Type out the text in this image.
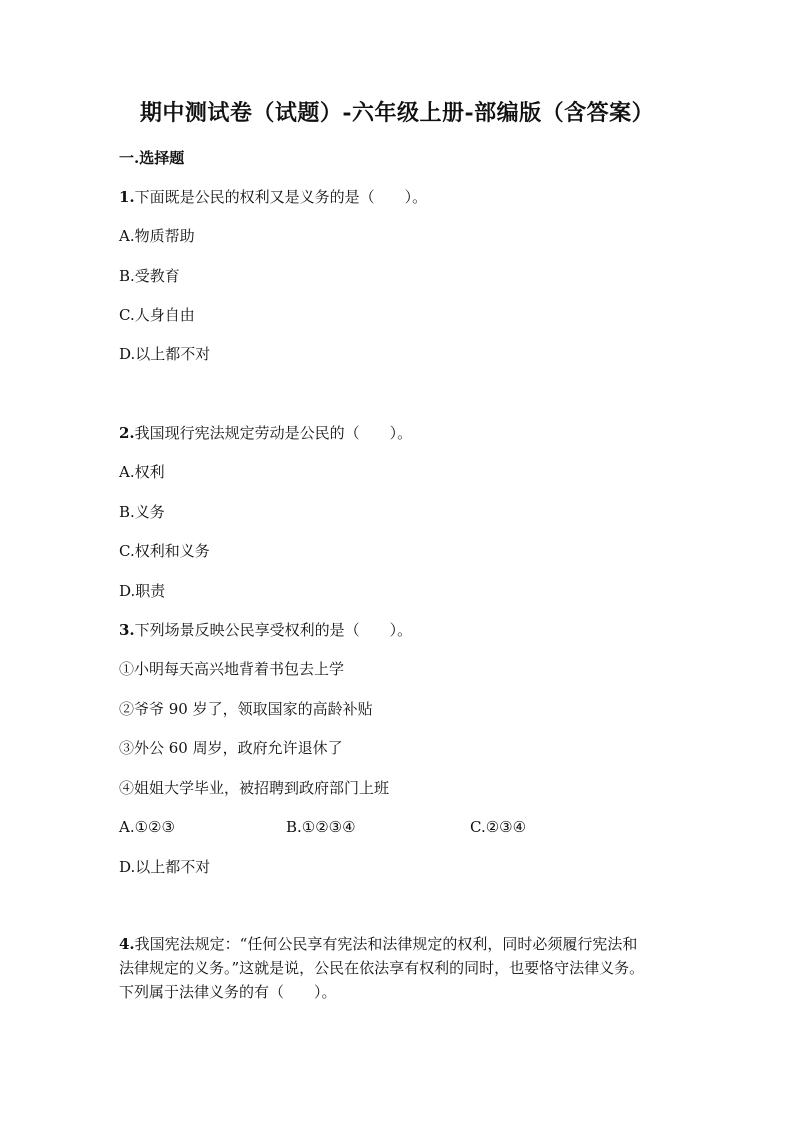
期中测试卷（试题）-六年级上册-部编版（含答案）
一.选择题
1.下面既是公民的权利又是义务的是（　　）。
A.物质帮助
B.受教育
C.人身自由
D.以上都不对
2.我国现行宪法规定劳动是公民的（　　）。
A.权利
B.义务
C.权利和义务
D.职责
3.下列场景反映公民享受权利的是（　　）。
①小明每天高兴地背着书包去上学
②爷爷 90 岁了，领取国家的高龄补贴
③外公 60 周岁，政府允许退休了
④姐姐大学毕业，被招聘到政府部门上班
A.①②③	B.①②③④	C.②③④
D.以上都不对
4.我国宪法规定：“任何公民享有宪法和法律规定的权利，同时必须履行宪法和
法律规定的义务。”这就是说，公民在依法享有权利的同时，也要恪守法律义务。
下列属于法律义务的有（　　）。
